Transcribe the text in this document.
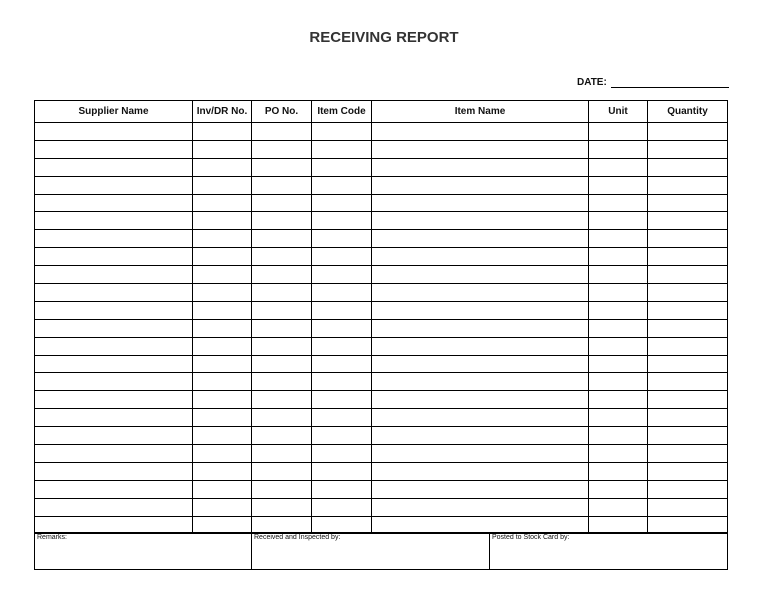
RECEIVING REPORT
DATE:
Supplier Name	Inv/DR No.	PO No.	Item Code	Item Name	Unit	Quantity

Remarks:	Received and Inspected by:	Posted to Stock Card by:
